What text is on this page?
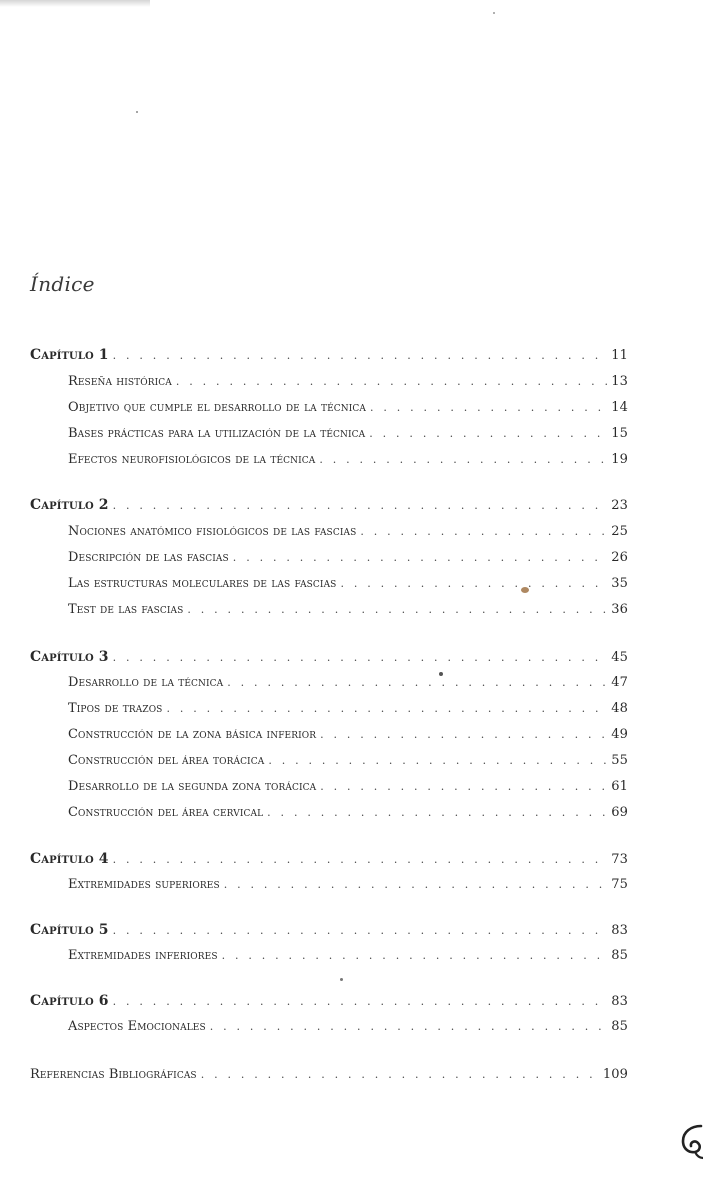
Índice
Capítulo 1 . . .	11
Reseña histórica . . .	13
Objetivo que cumple el desarrollo de la técnica . . .	14
Bases prácticas para la utilización de la técnica . . .	15
Efectos neurofisiológicos de la técnica . . .	19
Capítulo 2 . . .	23
Nociones anatómico fisiológicos de las fascias . . .	25
Descripción de las fascias . . .	26
Las estructuras moleculares de las fascias . . .	35
Test de las fascias . . .	36
Capítulo 3 . . .	45
Desarrollo de la técnica . . .	47
Tipos de trazos . . .	48
Construcción de la zona básica inferior . . .	49
Construcción del área torácica . . .	55
Desarrollo de la segunda zona torácica . . .	61
Construcción del área cervical . . .	69
Capítulo 4 . . .	73
Extremidades superiores . . .	75
Capítulo 5 . . .	83
Extremidades inferiores . . .	85
Capítulo 6 . . .	83
Aspectos Emocionales . . .	85
Referencias Bibliográficas . . .	109
